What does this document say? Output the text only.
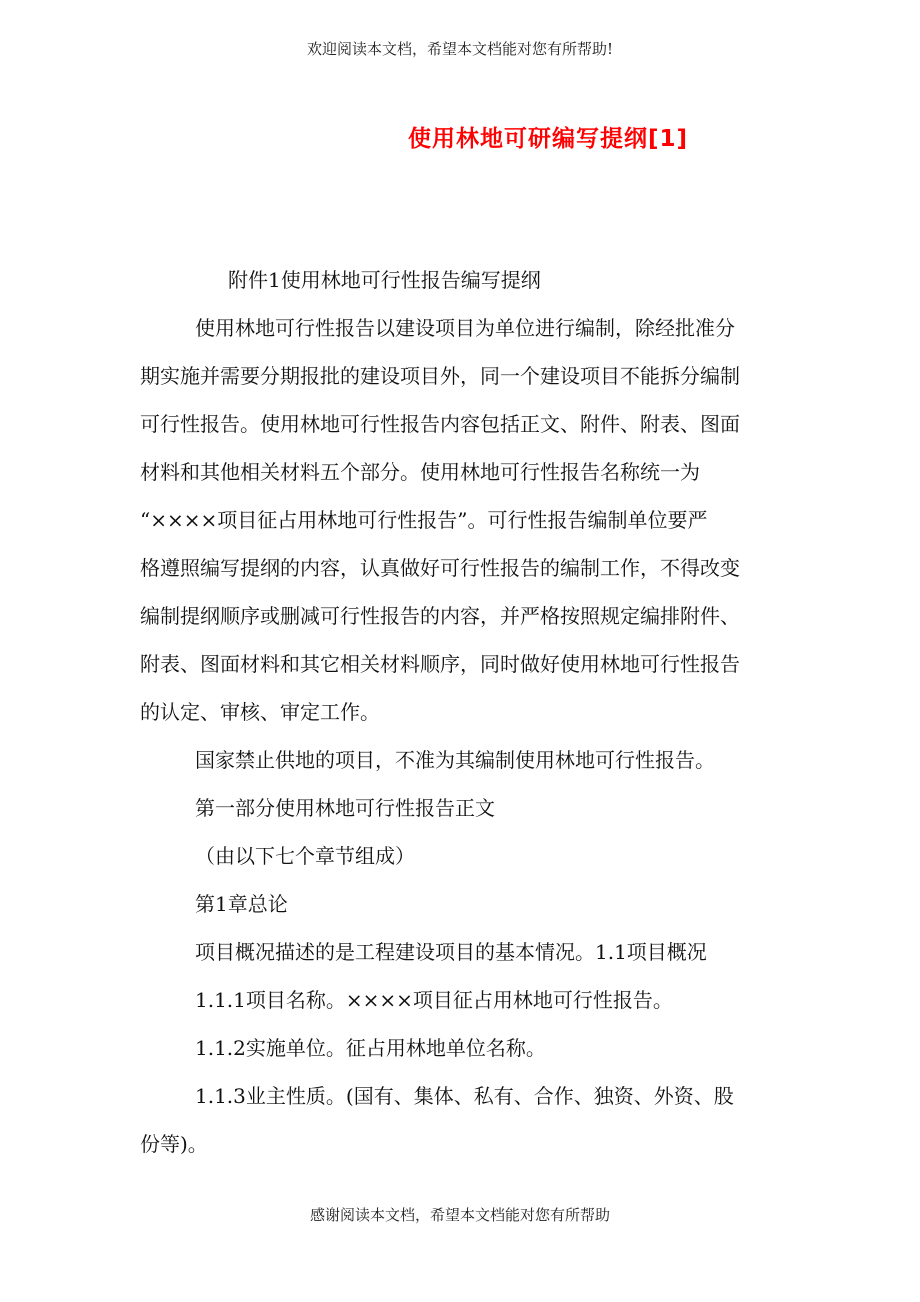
欢迎阅读本文档，希望本文档能对您有所帮助!
使用林地可研编写提纲[1]
附件1使用林地可行性报告编写提纲
使用林地可行性报告以建设项目为单位进行编制，除经批准分
期实施并需要分期报批的建设项目外，同一个建设项目不能拆分编制
可行性报告。使用林地可行性报告内容包括正文、附件、附表、图面
材料和其他相关材料五个部分。使用林地可行性报告名称统一为
“××××项目征占用林地可行性报告”。可行性报告编制单位要严
格遵照编写提纲的内容，认真做好可行性报告的编制工作，不得改变
编制提纲顺序或删减可行性报告的内容，并严格按照规定编排附件、
附表、图面材料和其它相关材料顺序，同时做好使用林地可行性报告
的认定、审核、审定工作。
国家禁止供地的项目，不准为其编制使用林地可行性报告。
第一部分使用林地可行性报告正文
（由以下七个章节组成）
第1章总论
项目概况描述的是工程建设项目的基本情况。1.1项目概况
1.1.1项目名称。××××项目征占用林地可行性报告。
1.1.2实施单位。征占用林地单位名称。
1.1.3业主性质。(国有、集体、私有、合作、独资、外资、股
份等)。
感谢阅读本文档，希望本文档能对您有所帮助
